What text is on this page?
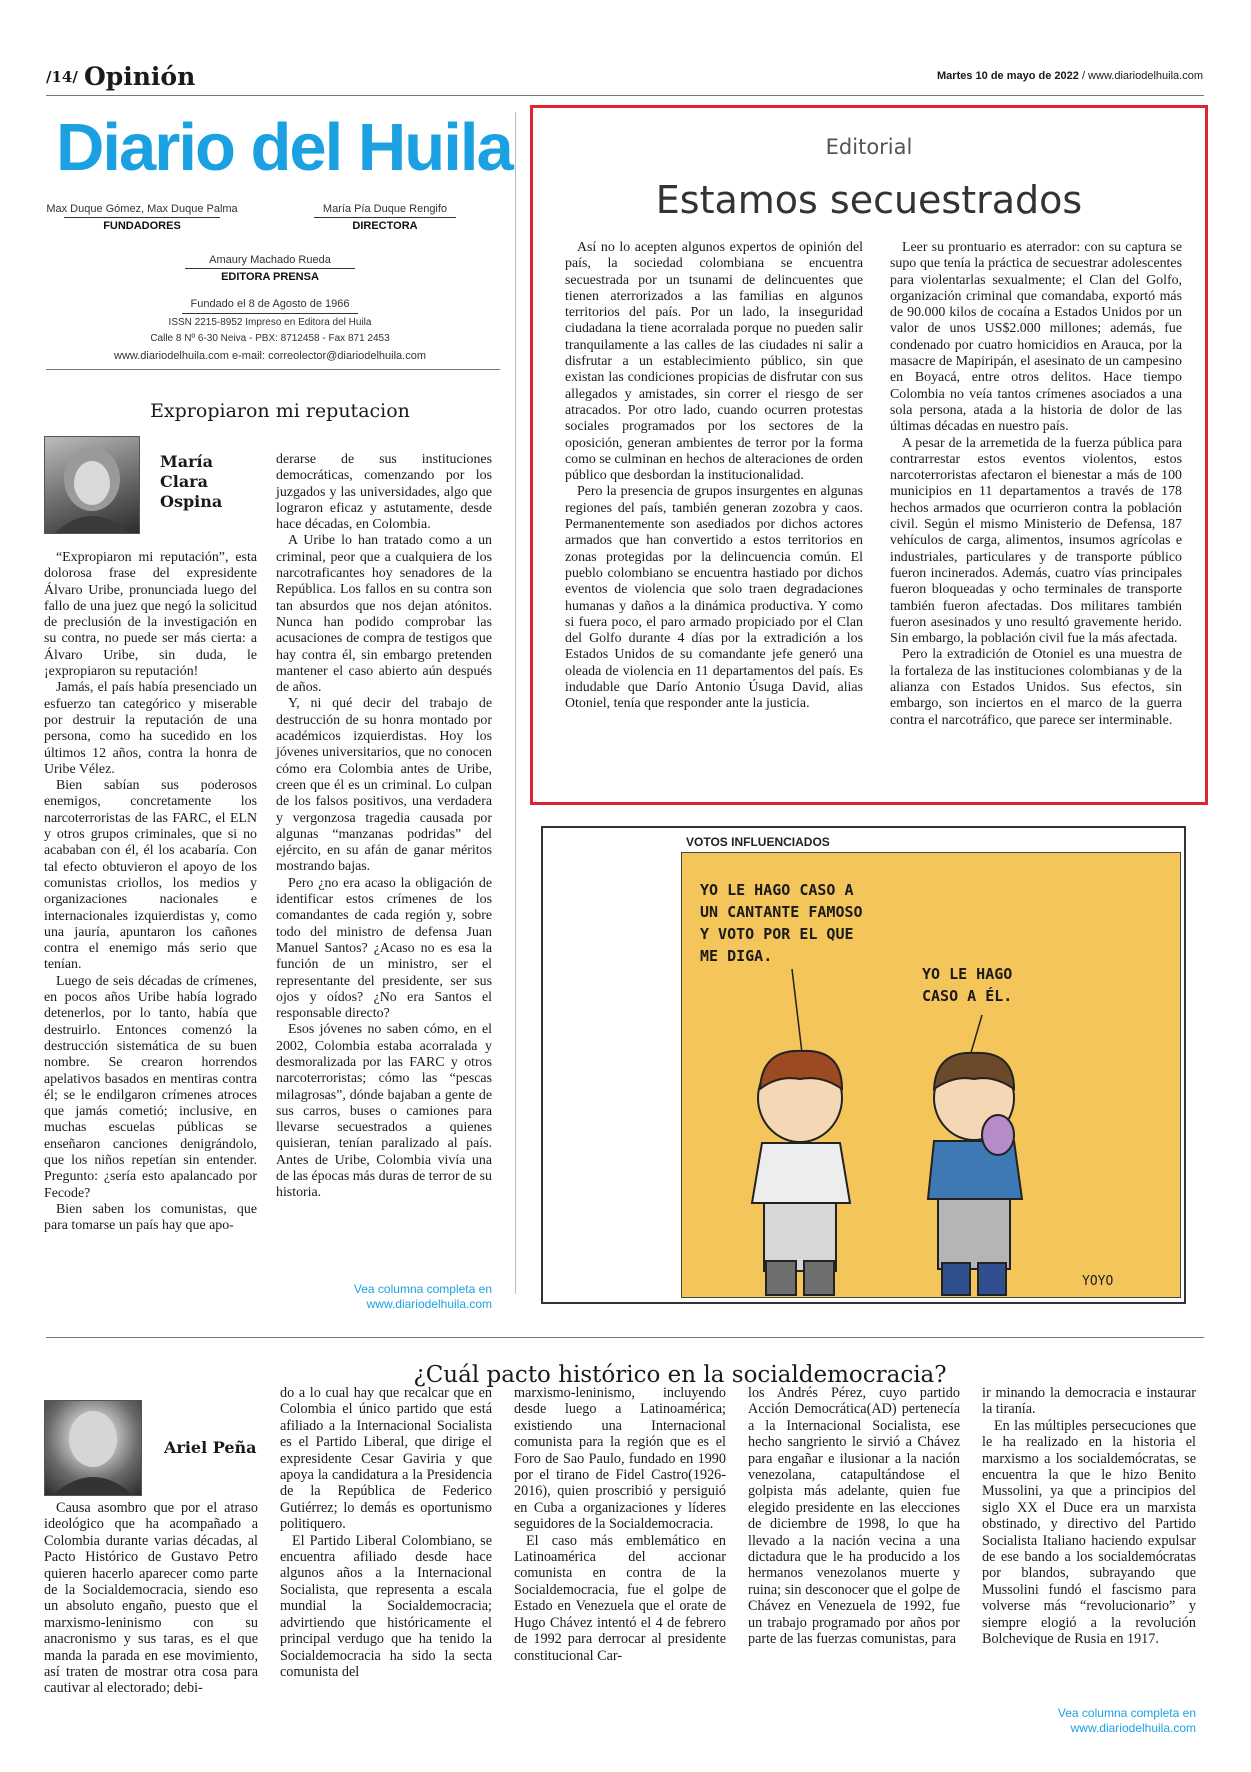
/14/ Opinión	Martes 10 de mayo de 2022 / www.diariodelhuila.com
Diario del Huila
Max Duque Gómez, Max Duque Palma
FUNDADORES
María Pía Duque Rengifo
DIRECTORA
Amaury Machado Rueda
EDITORA PRENSA
Fundado el 8 de Agosto de 1966
ISSN 2215-8952 Impreso en Editora del Huila
Calle 8 Nº 6-30 Neiva - PBX: 8712458 - Fax 871 2453
www.diariodelhuila.com e-mail: correolector@diariodelhuila.com
Expropiaron mi reputacion
María Clara Ospina

“Expropiaron mi reputación”, esta dolorosa frase del expresidente Álvaro Uribe, pronunciada luego del fallo de una juez que negó la solicitud de preclusión de la investigación en su contra, no puede ser más cierta: a Álvaro Uribe, sin duda, le ¡expropiaron su reputación!

Jamás, el país había presenciado un esfuerzo tan categórico y miserable por destruir la reputación de una persona, como ha sucedido en los últimos 12 años, contra la honra de Uribe Vélez.

Bien sabían sus poderosos enemigos, concretamente los narcoterroristas de las FARC, el ELN y otros grupos criminales, que si no acababan con él, él los acabaría. Con tal efecto obtuvieron el apoyo de los comunistas criollos, los medios y organizaciones nacionales e internacionales izquierdistas y, como una jauría, apuntaron los cañones contra el enemigo más serio que tenían.

Luego de seis décadas de crímenes, en pocos años Uribe había logrado detenerlos, por lo tanto, había que destruirlo. Entonces comenzó la destrucción sistemática de su buen nombre. Se crearon horrendos apelativos basados en mentiras contra él; se le endilgaron crímenes atroces que jamás cometió; inclusive, en muchas escuelas públicas se enseñaron canciones denigrándolo, que los niños repetían sin entender. Pregunto: ¿sería esto apalancado por Fecode?

Bien saben los comunistas, que para tomarse un país hay que apo-

derarse de sus instituciones democráticas, comenzando por los juzgados y las universidades, algo que lograron eficaz y astutamente, desde hace décadas, en Colombia.

A Uribe lo han tratado como a un criminal, peor que a cualquiera de los narcotraficantes hoy senadores de la República. Los fallos en su contra son tan absurdos que nos dejan atónitos. Nunca han podido comprobar las acusaciones de compra de testigos que hay contra él, sin embargo pretenden mantener el caso abierto aún después de años.

Y, ni qué decir del trabajo de destrucción de su honra montado por académicos izquierdistas. Hoy los jóvenes universitarios, que no conocen cómo era Colombia antes de Uribe, creen que él es un criminal. Lo culpan de los falsos positivos, una verdadera y vergonzosa tragedia causada por algunas “manzanas podridas” del ejército, en su afán de ganar méritos mostrando bajas.

Pero ¿no era acaso la obligación de identificar estos crímenes de los comandantes de cada región y, sobre todo del ministro de defensa Juan Manuel Santos? ¿Acaso no es esa la función de un ministro, ser el representante del presidente, ser sus ojos y oídos? ¿No era Santos el responsable directo?

Esos jóvenes no saben cómo, en el 2002, Colombia estaba acorralada y desmoralizada por las FARC y otros narcoterroristas; cómo las “pescas milagrosas”, dónde bajaban a gente de sus carros, buses o camiones para llevarse secuestrados a quienes quisieran, tenían paralizado al país. Antes de Uribe, Colombia vivía una de las épocas más duras de terror de su historia.

Vea columna completa en
www.diariodelhuila.com
Editorial
Estamos secuestrados

Así no lo acepten algunos expertos de opinión del país, la sociedad colombiana se encuentra secuestrada por un tsunami de delincuentes que tienen aterrorizados a las familias en algunos territorios del país. Por un lado, la inseguridad ciudadana la tiene acorralada porque no pueden salir tranquilamente a las calles de las ciudades ni salir a disfrutar a un establecimiento público, sin que existan las condiciones propicias de disfrutar con sus allegados y amistades, sin correr el riesgo de ser atracados. Por otro lado, cuando ocurren protestas sociales programados por los sectores de la oposición, generan ambientes de terror por la forma como se culminan en hechos de alteraciones de orden público que desbordan la institucionalidad.

Pero la presencia de grupos insurgentes en algunas regiones del país, también generan zozobra y caos. Permanentemente son asediados por dichos actores armados que han convertido a estos territorios en zonas protegidas por la delincuencia común. El pueblo colombiano se encuentra hastiado por dichos eventos de violencia que solo traen degradaciones humanas y daños a la dinámica productiva. Y como si fuera poco, el paro armado propiciado por el Clan del Golfo durante 4 días por la extradición a los Estados Unidos de su comandante jefe generó una oleada de violencia en 11 departamentos del país. Es indudable que Darío Antonio Úsuga David, alias Otoniel, tenía que responder ante la justicia.

Leer su prontuario es aterrador: con su captura se supo que tenía la práctica de secuestrar adolescentes para violentarlas sexualmente; el Clan del Golfo, organización criminal que comandaba, exportó más de 90.000 kilos de cocaína a Estados Unidos por un valor de unos US$2.000 millones; además, fue condenado por cuatro homicidios en Arauca, por la masacre de Mapiripán, el asesinato de un campesino en Boyacá, entre otros delitos. Hace tiempo Colombia no veía tantos crímenes asociados a una sola persona, atada a la historia de dolor de las últimas décadas en nuestro país.

A pesar de la arremetida de la fuerza pública para contrarrestar estos eventos violentos, estos narcoterroristas afectaron el bienestar a más de 100 municipios en 11 departamentos a través de 178 hechos armados que ocurrieron contra la población civil. Según el mismo Ministerio de Defensa, 187 vehículos de carga, alimentos, insumos agrícolas e industriales, particulares y de transporte público fueron incinerados. Además, cuatro vías principales fueron bloqueadas y ocho terminales de transporte también fueron afectadas. Dos militares también fueron asesinados y uno resultó gravemente herido. Sin embargo, la población civil fue la más afectada.

Pero la extradición de Otoniel es una muestra de la fortaleza de las instituciones colombianas y de la alianza con Estados Unidos. Sus efectos, sin embargo, son inciertos en el marco de la guerra contra el narcotráfico, que parece ser interminable.

VOTOS INFLUENCIADOS
YO LE HAGO CASO A
UN CANTANTE FAMOSO
Y VOTO POR EL QUE
ME DIGA.
YO LE HAGO
CASO A ÉL.
YOYO
¿Cuál pacto histórico en la socialdemocracia?
Ariel Peña

Causa asombro que por el atraso ideológico que ha acompañado a Colombia durante varias décadas, al Pacto Histórico de Gustavo Petro quieren hacerlo aparecer como parte de la Socialdemocracia, siendo eso un absoluto engaño, puesto que el marxismo-leninismo con su anacronismo y sus taras, es el que manda la parada en ese movimiento, así traten de mostrar otra cosa para cautivar al electorado; debi-

do a lo cual hay que recalcar que en Colombia el único partido que está afiliado a la Internacional Socialista es el Partido Liberal, que dirige el expresidente Cesar Gaviria y que apoya la candidatura a la Presidencia de la República de Federico Gutiérrez; lo demás es oportunismo politiquero.

El Partido Liberal Colombiano, se encuentra afiliado desde hace algunos años a la Internacional Socialista, que representa a escala mundial la Socialdemocracia; advirtiendo que históricamente el principal verdugo que ha tenido la Socialdemocracia ha sido la secta comunista del

marxismo-leninismo, incluyendo desde luego a Latinoamérica; existiendo una Internacional comunista para la región que es el Foro de Sao Paulo, fundado en 1990 por el tirano de Fidel Castro(1926-2016), quien proscribió y persiguió en Cuba a organizaciones y líderes seguidores de la Socialdemocracia.

El caso más emblemático en Latinoamérica del accionar comunista en contra de la Socialdemocracia, fue el golpe de Estado en Venezuela que el orate de Hugo Chávez intentó el 4 de febrero de 1992 para derrocar al presidente constitucional Car-

los Andrés Pérez, cuyo partido Acción Democrática(AD) pertenecía a la Internacional Socialista, ese hecho sangriento le sirvió a Chávez para engañar e ilusionar a la nación venezolana, catapultándose el golpista más adelante, quien fue elegido presidente en las elecciones de diciembre de 1998, lo que ha llevado a la nación vecina a una dictadura que le ha producido a los hermanos venezolanos muerte y ruina; sin desconocer que el golpe de Chávez en Venezuela de 1992, fue un trabajo programado por años por parte de las fuerzas comunistas, para

ir minando la democracia e instaurar la tiranía.

En las múltiples persecuciones que le ha realizado en la historia el marxismo a los socialdemócratas, se encuentra la que le hizo Benito Mussolini, ya que a principios del siglo XX el Duce era un marxista obstinado, y directivo del Partido Socialista Italiano haciendo expulsar de ese bando a los socialdemócratas por blandos, subrayando que Mussolini fundó el fascismo para volverse más “revolucionario” y siempre elogió a la revolución Bolchevique de Rusia en 1917.

Vea columna completa en
www.diariodelhuila.com
